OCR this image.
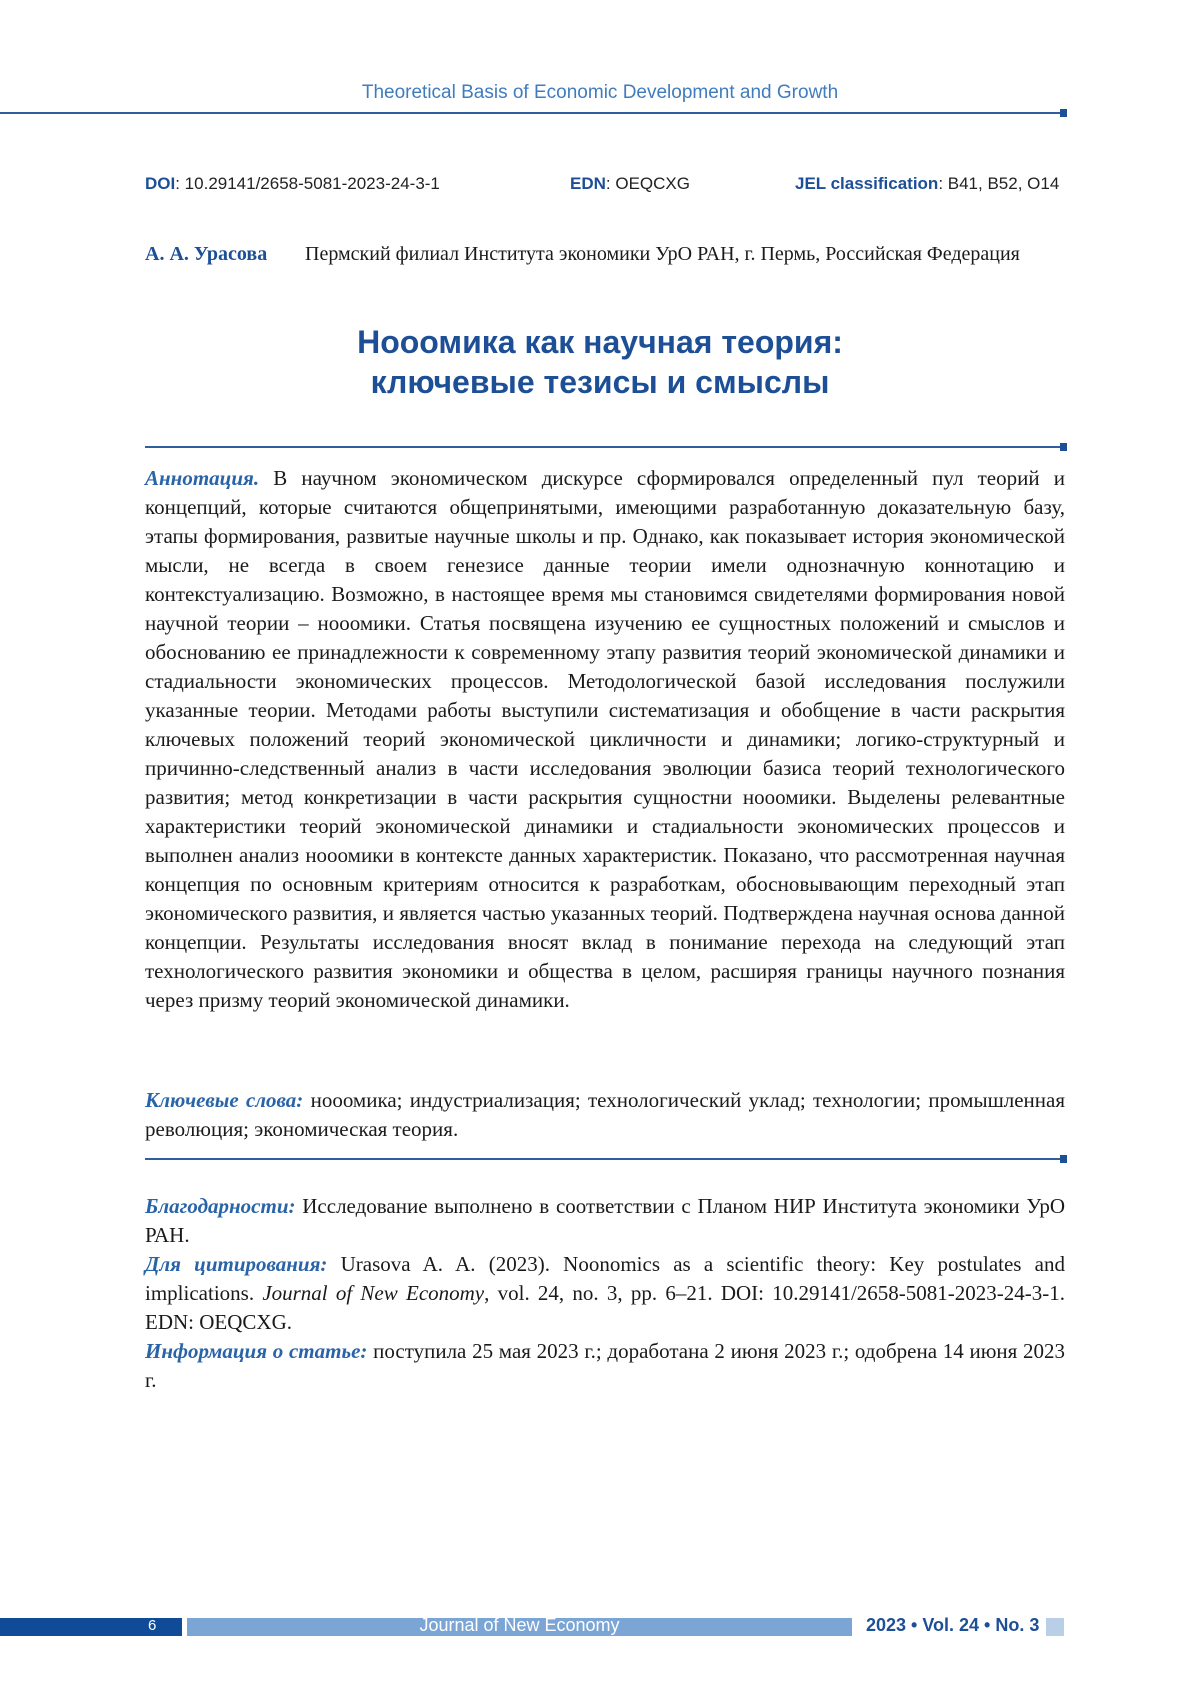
Theoretical Basis of Economic Development and Growth
DOI: 10.29141/2658-5081-2023-24-3-1	EDN: OEQCXG	JEL classification: B41, B52, O14
А. А. Урасова Пермский филиал Института экономики УрО РАН, г. Пермь, Российская Федерация
Нооомика как научная теория:
ключевые тезисы и смыслы
Аннотация. В научном экономическом дискурсе сформировался определенный пул теорий и концепций, которые считаются общепринятыми, имеющими разработанную доказательную базу, этапы формирования, развитые научные школы и пр. Однако, как показывает история экономической мысли, не всегда в своем генезисе данные теории имели однозначную коннотацию и контекстуализацию. Возможно, в настоящее время мы становимся свидетелями формирования новой научной теории – нооомики. Статья посвящена изучению ее сущностных положений и смыслов и обоснованию ее принадлежности к современному этапу развития теорий экономической динамики и стадиальности экономических процессов. Методологической базой исследования послужили указанные теории. Методами работы выступили систематизация и обобщение в части раскрытия ключевых положений теорий экономической цикличности и динамики; логико-структурный и причинно-следственный анализ в части исследования эволюции базиса теорий технологического развития; метод конкретизации в части раскрытия сущностни нооомики. Выделены релевантные характеристики теорий экономической динамики и стадиальности экономических процессов и выполнен анализ нооомики в контексте данных характеристик. Показано, что рассмотренная научная концепция по основным критериям относится к разработкам, обосновывающим переходный этап экономического развития, и является частью указанных теорий. Подтверждена научная основа данной концепции. Результаты исследования вносят вклад в понимание перехода на следующий этап технологического развития экономики и общества в целом, расширяя границы научного познания через призму теорий экономической динамики.
Ключевые слова: нооомика; индустриализация; технологический уклад; технологии; промышленная революция; экономическая теория.
Благодарности: Исследование выполнено в соответствии с Планом НИР Института экономики УрО РАН.
Для цитирования: Urasova A. A. (2023). Noonomics as a scientific theory: Key postulates and implications. Journal of New Economy, vol. 24, no. 3, pp. 6–21. DOI: 10.29141/2658-5081-2023-24-3-1. EDN: OEQCXG.
Информация о статье: поступила 25 мая 2023 г.; доработана 2 июня 2023 г.; одобрена 14 июня 2023 г.
6	Journal of New Economy	2023 • Vol. 24 • No. 3
